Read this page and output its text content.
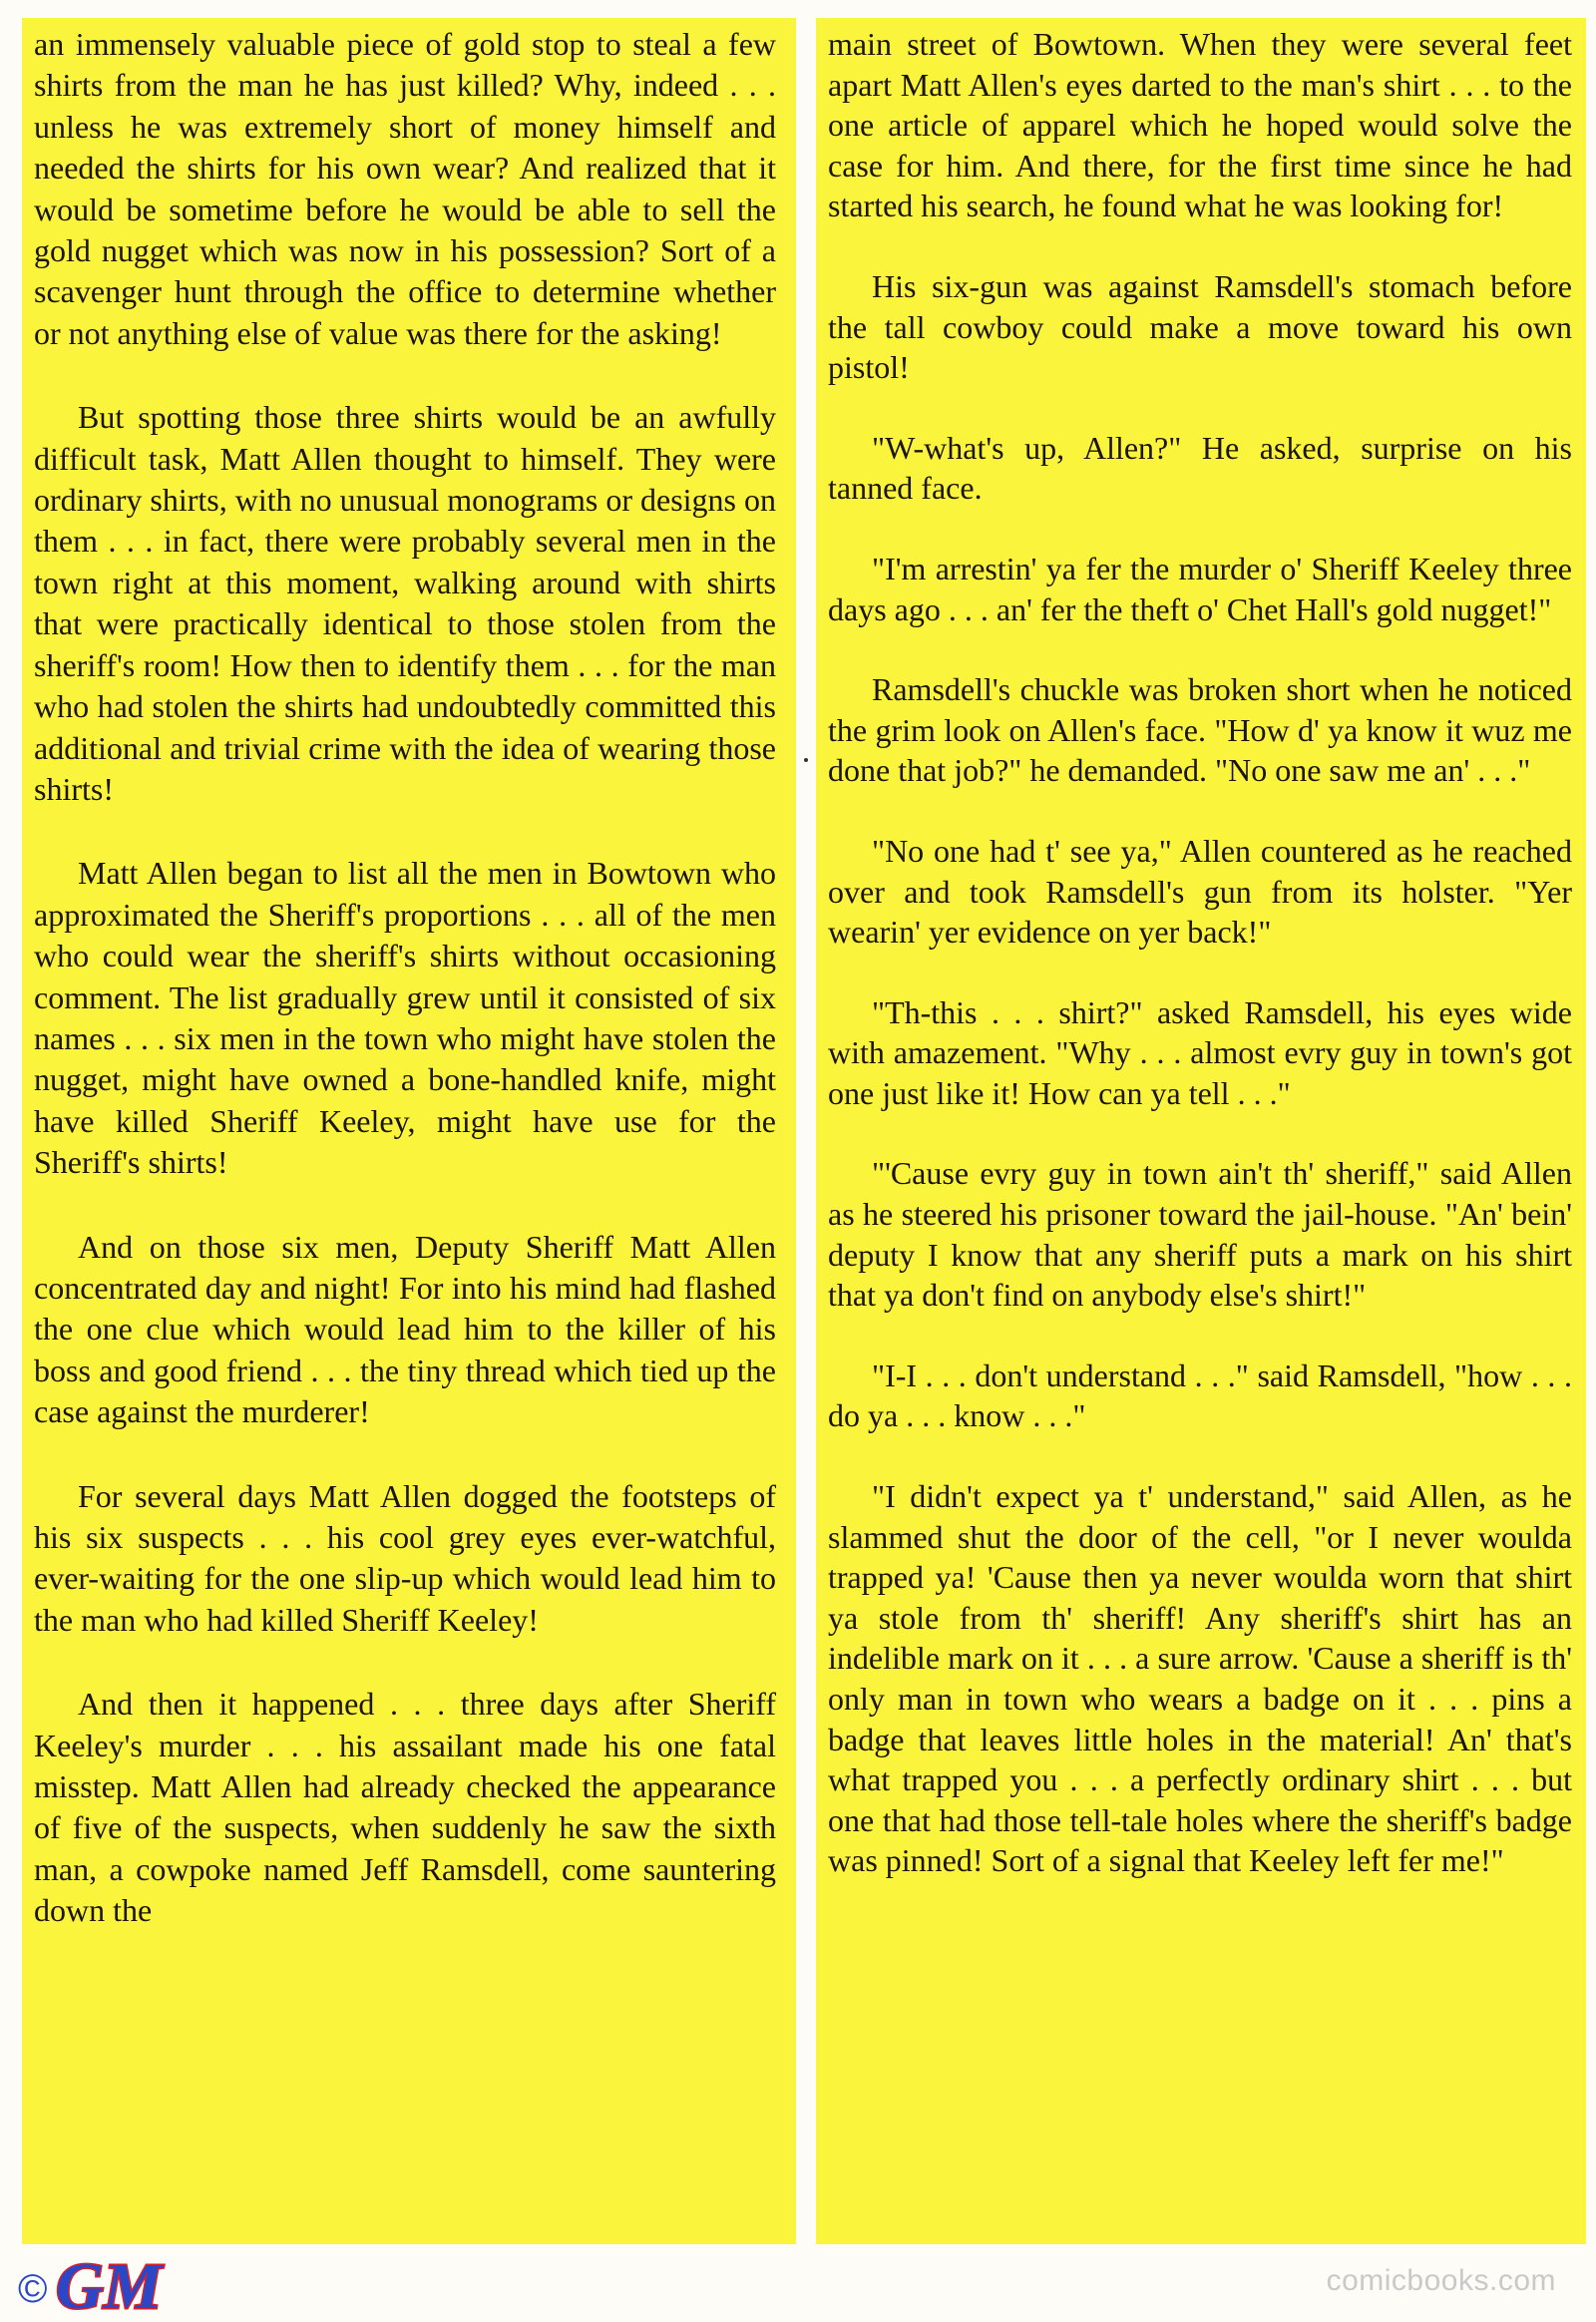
an immensely valuable piece of gold stop to steal a few shirts from the man he has just killed? Why, indeed . . . unless he was extremely short of money himself and needed the shirts for his own wear? And realized that it would be sometime before he would be able to sell the gold nugget which was now in his possession? Sort of a scavenger hunt through the office to determine whether or not anything else of value was there for the asking!

But spotting those three shirts would be an awfully difficult task, Matt Allen thought to himself. They were ordinary shirts, with no unusual monograms or designs on them . . . in fact, there were probably several men in the town right at this moment, walking around with shirts that were practically identical to those stolen from the sheriff's room! How then to identify them . . . for the man who had stolen the shirts had undoubtedly committed this additional and trivial crime with the idea of wearing those shirts!

Matt Allen began to list all the men in Bowtown who approximated the Sheriff's proportions . . . all of the men who could wear the sheriff's shirts without occasioning comment. The list gradually grew until it consisted of six names . . . six men in the town who might have stolen the nugget, might have owned a bone-handled knife, might have killed Sheriff Keeley, might have use for the Sheriff's shirts!

And on those six men, Deputy Sheriff Matt Allen concentrated day and night! For into his mind had flashed the one clue which would lead him to the killer of his boss and good friend . . . the tiny thread which tied up the case against the murderer!

For several days Matt Allen dogged the footsteps of his six suspects . . . his cool grey eyes ever-watchful, ever-waiting for the one slip-up which would lead him to the man who had killed Sheriff Keeley!

And then it happened . . . three days after Sheriff Keeley's murder . . . his assailant made his one fatal misstep. Matt Allen had already checked the appearance of five of the suspects, when suddenly he saw the sixth man, a cowpoke named Jeff Ramsdell, come sauntering down the

main street of Bowtown. When they were several feet apart Matt Allen's eyes darted to the man's shirt . . . to the one article of apparel which he hoped would solve the case for him. And there, for the first time since he had started his search, he found what he was looking for!

His six-gun was against Ramsdell's stomach before the tall cowboy could make a move toward his own pistol!

"W-what's up, Allen?" He asked, surprise on his tanned face.

"I'm arrestin' ya fer the murder o' Sheriff Keeley three days ago . . . an' fer the theft o' Chet Hall's gold nugget!"

Ramsdell's chuckle was broken short when he noticed the grim look on Allen's face. "How d' ya know it wuz me done that job?" he demanded. "No one saw me an' . . ."

"No one had t' see ya," Allen countered as he reached over and took Ramsdell's gun from its holster. "Yer wearin' yer evidence on yer back!"

"Th-this . . . shirt?" asked Ramsdell, his eyes wide with amazement. "Why . . . almost evry guy in town's got one just like it! How can ya tell . . ."

"'Cause evry guy in town ain't th' sheriff," said Allen as he steered his prisoner toward the jail-house. "An' bein' deputy I know that any sheriff puts a mark on his shirt that ya don't find on anybody else's shirt!"

"I-I . . . don't understand . . ." said Ramsdell, "how . . . do ya . . . know . . ."

"I didn't expect ya t' understand," said Allen, as he slammed shut the door of the cell, "or I never woulda trapped ya! 'Cause then ya never woulda worn that shirt ya stole from th' sheriff! Any sheriff's shirt has an indelible mark on it . . . a sure arrow. 'Cause a sheriff is th' only man in town who wears a badge on it . . . pins a badge that leaves little holes in the material! An' that's what trapped you . . . a perfectly ordinary shirt . . . but one that had those tell-tale holes where the sheriff's badge was pinned! Sort of a signal that Keeley left fer me!"

© GM	comicbooks.com
